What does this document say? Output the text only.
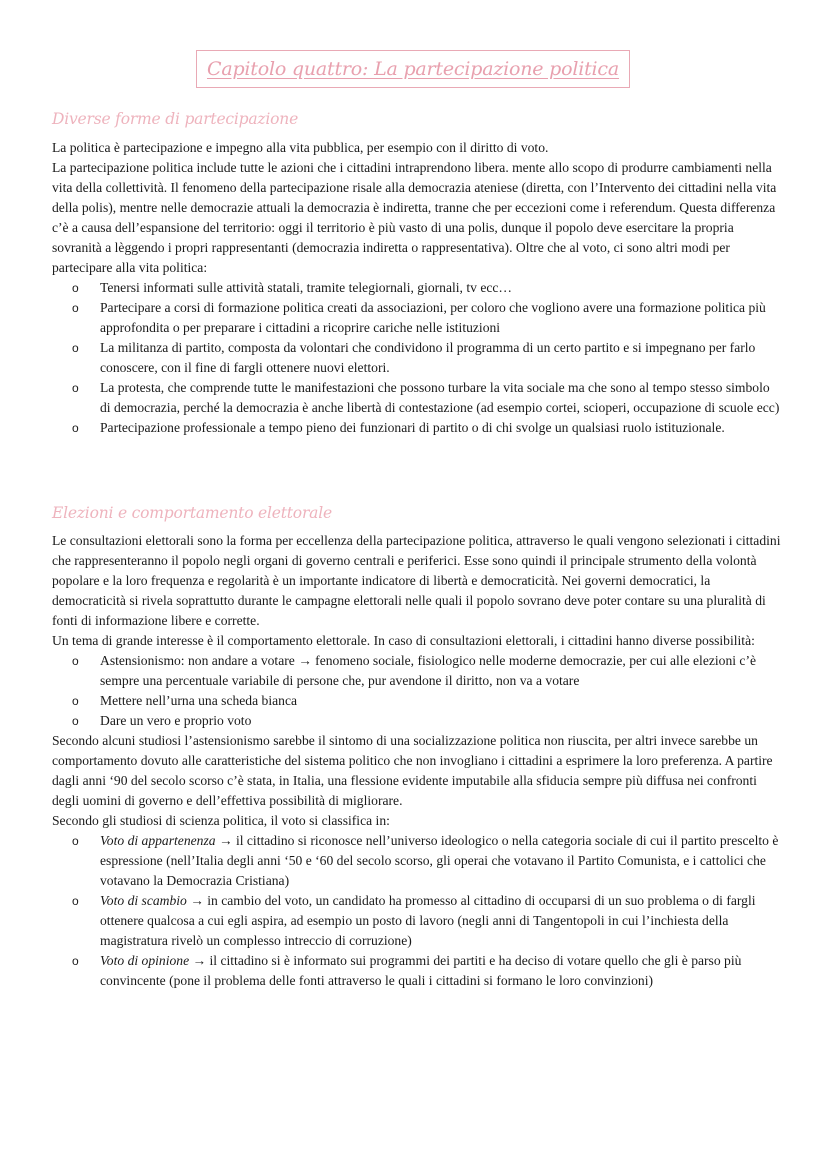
Capitolo quattro: La partecipazione politica
Diverse forme di partecipazione

La politica è partecipazione e impegno alla vita pubblica, per esempio con il diritto di voto.

La partecipazione politica include tutte le azioni che i cittadini intraprendono libera. mente allo scopo di produrre cambiamenti nella vita della collettività. Il fenomeno della partecipazione risale alla democrazia ateniese (diretta, con l’Intervento dei cittadini nella vita della polis), mentre nelle democrazie attuali la democrazia è indiretta, tranne che per eccezioni come i referendum. Questa differenza c’è a causa dell’espansione del territorio: oggi il territorio è più vasto di una polis, dunque il popolo deve esercitare la propria sovranità a lèggendo i propri rappresentanti (democrazia indiretta o rappresentativa). Oltre che al voto, ci sono altri modi per partecipare alla vita politica:

o Tenersi informati sulle attività statali, tramite telegiornali, giornali, tv ecc…
o Partecipare a corsi di formazione politica creati da associazioni, per coloro che vogliono avere una formazione politica più approfondita o per preparare i cittadini a ricoprire cariche nelle istituzioni
o La militanza di partito, composta da volontari che condividono il programma di un certo partito e si impegnano per farlo conoscere, con il fine di fargli ottenere nuovi elettori.
o La protesta, che comprende tutte le manifestazioni che possono turbare la vita sociale ma che sono al tempo stesso simbolo di democrazia, perché la democrazia è anche libertà di contestazione (ad esempio cortei, scioperi, occupazione di scuole ecc)
o Partecipazione professionale a tempo pieno dei funzionari di partito o di chi svolge un qualsiasi ruolo istituzionale.
Elezioni e comportamento elettorale

Le consultazioni elettorali sono la forma per eccellenza della partecipazione politica, attraverso le quali vengono selezionati i cittadini che rappresenteranno il popolo negli organi di governo centrali e periferici. Esse sono quindi il principale strumento della volontà popolare e la loro frequenza e regolarità è un importante indicatore di libertà e democraticità. Nei governi democratici, la democraticità si rivela soprattutto durante le campagne elettorali nelle quali il popolo sovrano deve poter contare su una pluralità di fonti di informazione libere e corrette.

Un tema di grande interesse è il comportamento elettorale. In caso di consultazioni elettorali, i cittadini hanno diverse possibilità:

o Astensionismo: non andare a votare → fenomeno sociale, fisiologico nelle moderne democrazie, per cui alle elezioni c’è sempre una percentuale variabile di persone che, pur avendone il diritto, non va a votare
o Mettere nell’urna una scheda bianca
o Dare un vero e proprio voto

Secondo alcuni studiosi l’astensionismo sarebbe il sintomo di una socializzazione politica non riuscita, per altri invece sarebbe un comportamento dovuto alle caratteristiche del sistema politico che non invogliano i cittadini a esprimere la loro preferenza. A partire dagli anni ‘90 del secolo scorso c’è stata, in Italia, una flessione evidente imputabile alla sfiducia sempre più diffusa nei confronti degli uomini di governo e dell’effettiva possibilità di migliorare.

Secondo gli studiosi di scienza politica, il voto si classifica in:

o Voto di appartenenza → il cittadino si riconosce nell’universo ideologico o nella categoria sociale di cui il partito prescelto è espressione (nell’Italia degli anni ‘50 e ‘60 del secolo scorso, gli operai che votavano il Partito Comunista, e i cattolici che votavano la Democrazia Cristiana)
o Voto di scambio → in cambio del voto, un candidato ha promesso al cittadino di occuparsi di un suo problema o di fargli ottenere qualcosa a cui egli aspira, ad esempio un posto di lavoro (negli anni di Tangentopoli in cui l’inchiesta della magistratura rivelò un complesso intreccio di corruzione)
o Voto di opinione → il cittadino si è informato sui programmi dei partiti e ha deciso di votare quello che gli è parso più convincente (pone il problema delle fonti attraverso le quali i cittadini si formano le loro convinzioni)
